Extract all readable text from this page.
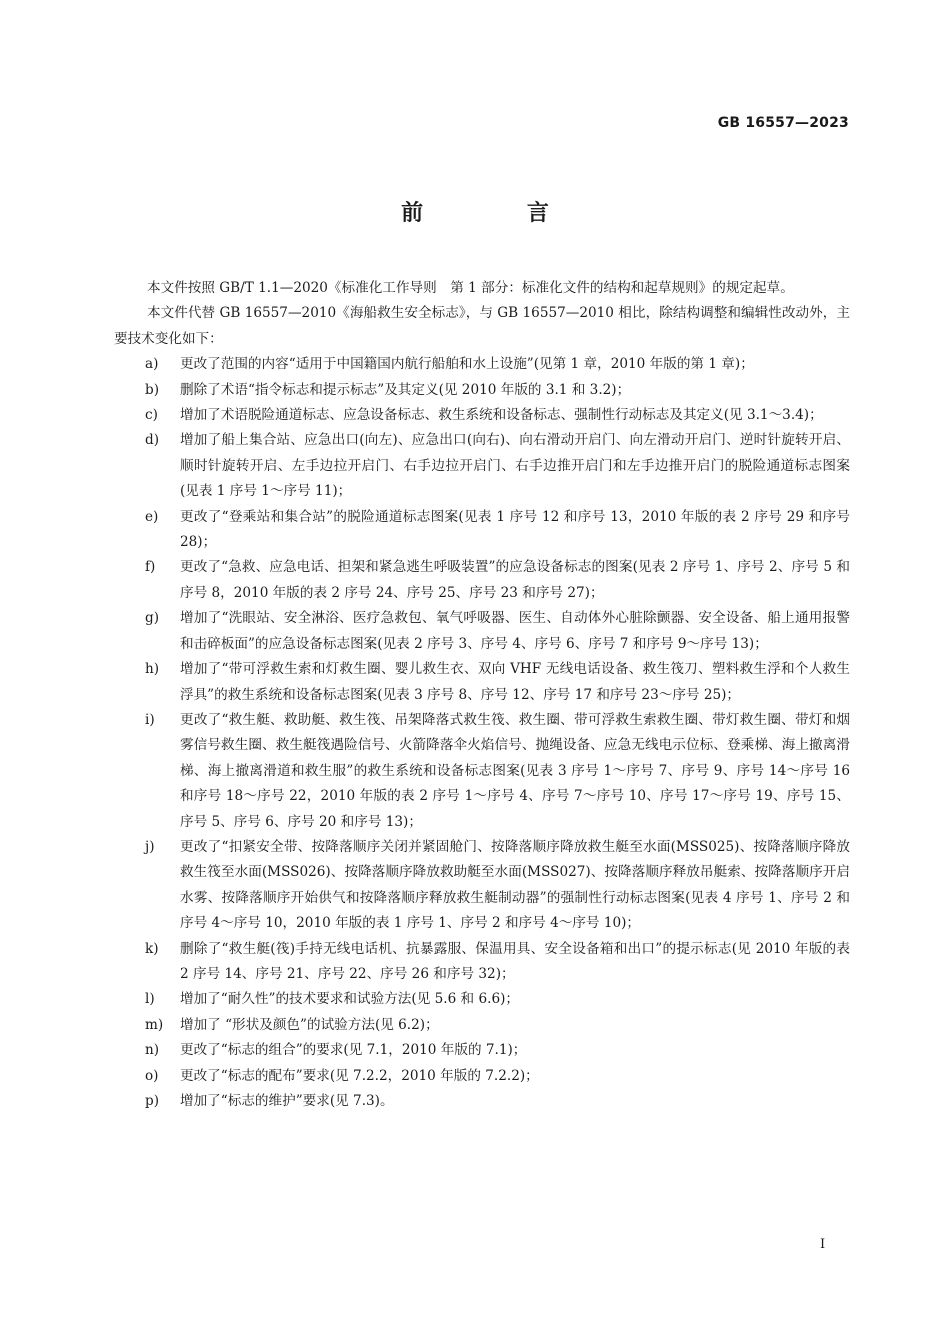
GB 16557—2023
前 言

本文件按照 GB/T 1.1—2020《标准化工作导则　第 1 部分：标准化文件的结构和起草规则》的规定起草。

本文件代替 GB 16557—2010《海船救生安全标志》，与 GB 16557—2010 相比，除结构调整和编辑性改动外，主要技术变化如下：

a) 更改了范围的内容“适用于中国籍国内航行船舶和水上设施”(见第 1 章，2010 年版的第 1 章)；
b) 删除了术语“指令标志和提示标志”及其定义(见 2010 年版的 3.1 和 3.2)；
c) 增加了术语脱险通道标志、应急设备标志、救生系统和设备标志、强制性行动标志及其定义(见 3.1～3.4)；
d) 增加了船上集合站、应急出口(向左)、应急出口(向右)、向右滑动开启门、向左滑动开启门、逆时针旋转开启、顺时针旋转开启、左手边拉开启门、右手边拉开启门、右手边推开启门和左手边推开启门的脱险通道标志图案(见表 1 序号 1～序号 11)；
e) 更改了“登乘站和集合站”的脱险通道标志图案(见表 1 序号 12 和序号 13，2010 年版的表 2 序号 29 和序号 28)；
f) 更改了“急救、应急电话、担架和紧急逃生呼吸装置”的应急设备标志的图案(见表 2 序号 1、序号 2、序号 5 和序号 8，2010 年版的表 2 序号 24、序号 25、序号 23 和序号 27)；
g) 增加了“洗眼站、安全淋浴、医疗急救包、氧气呼吸器、医生、自动体外心脏除颤器、安全设备、船上通用报警和击碎板面”的应急设备标志图案(见表 2 序号 3、序号 4、序号 6、序号 7 和序号 9～序号 13)；
h) 增加了“带可浮救生索和灯救生圈、婴儿救生衣、双向 VHF 无线电话设备、救生筏刀、塑料救生浮和个人救生浮具”的救生系统和设备标志图案(见表 3 序号 8、序号 12、序号 17 和序号 23～序号 25)；
i) 更改了“救生艇、救助艇、救生筏、吊架降落式救生筏、救生圈、带可浮救生索救生圈、带灯救生圈、带灯和烟雾信号救生圈、救生艇筏遇险信号、火箭降落伞火焰信号、抛绳设备、应急无线电示位标、登乘梯、海上撤离滑梯、海上撤离滑道和救生服”的救生系统和设备标志图案(见表 3 序号 1～序号 7、序号 9、序号 14～序号 16 和序号 18～序号 22，2010 年版的表 2 序号 1～序号 4、序号 7～序号 10、序号 17～序号 19、序号 15、序号 5、序号 6、序号 20 和序号 13)；
j) 更改了“扣紧安全带、按降落顺序关闭并紧固舱门、按降落顺序降放救生艇至水面(MSS025)、按降落顺序降放救生筏至水面(MSS026)、按降落顺序降放救助艇至水面(MSS027)、按降落顺序释放吊艇索、按降落顺序开启水雾、按降落顺序开始供气和按降落顺序释放救生艇制动器”的强制性行动标志图案(见表 4 序号 1、序号 2 和序号 4～序号 10，2010 年版的表 1 序号 1、序号 2 和序号 4～序号 10)；
k) 删除了“救生艇(筏)手持无线电话机、抗暴露服、保温用具、安全设备箱和出口”的提示标志(见 2010 年版的表 2 序号 14、序号 21、序号 22、序号 26 和序号 32)；
l) 增加了“耐久性”的技术要求和试验方法(见 5.6 和 6.6)；
m) 增加了 “形状及颜色”的试验方法(见 6.2)；
n) 更改了“标志的组合”的要求(见 7.1，2010 年版的 7.1)；
o) 更改了“标志的配布”要求(见 7.2.2，2010 年版的 7.2.2)；
p) 增加了“标志的维护”要求(见 7.3)。
Ⅰ
